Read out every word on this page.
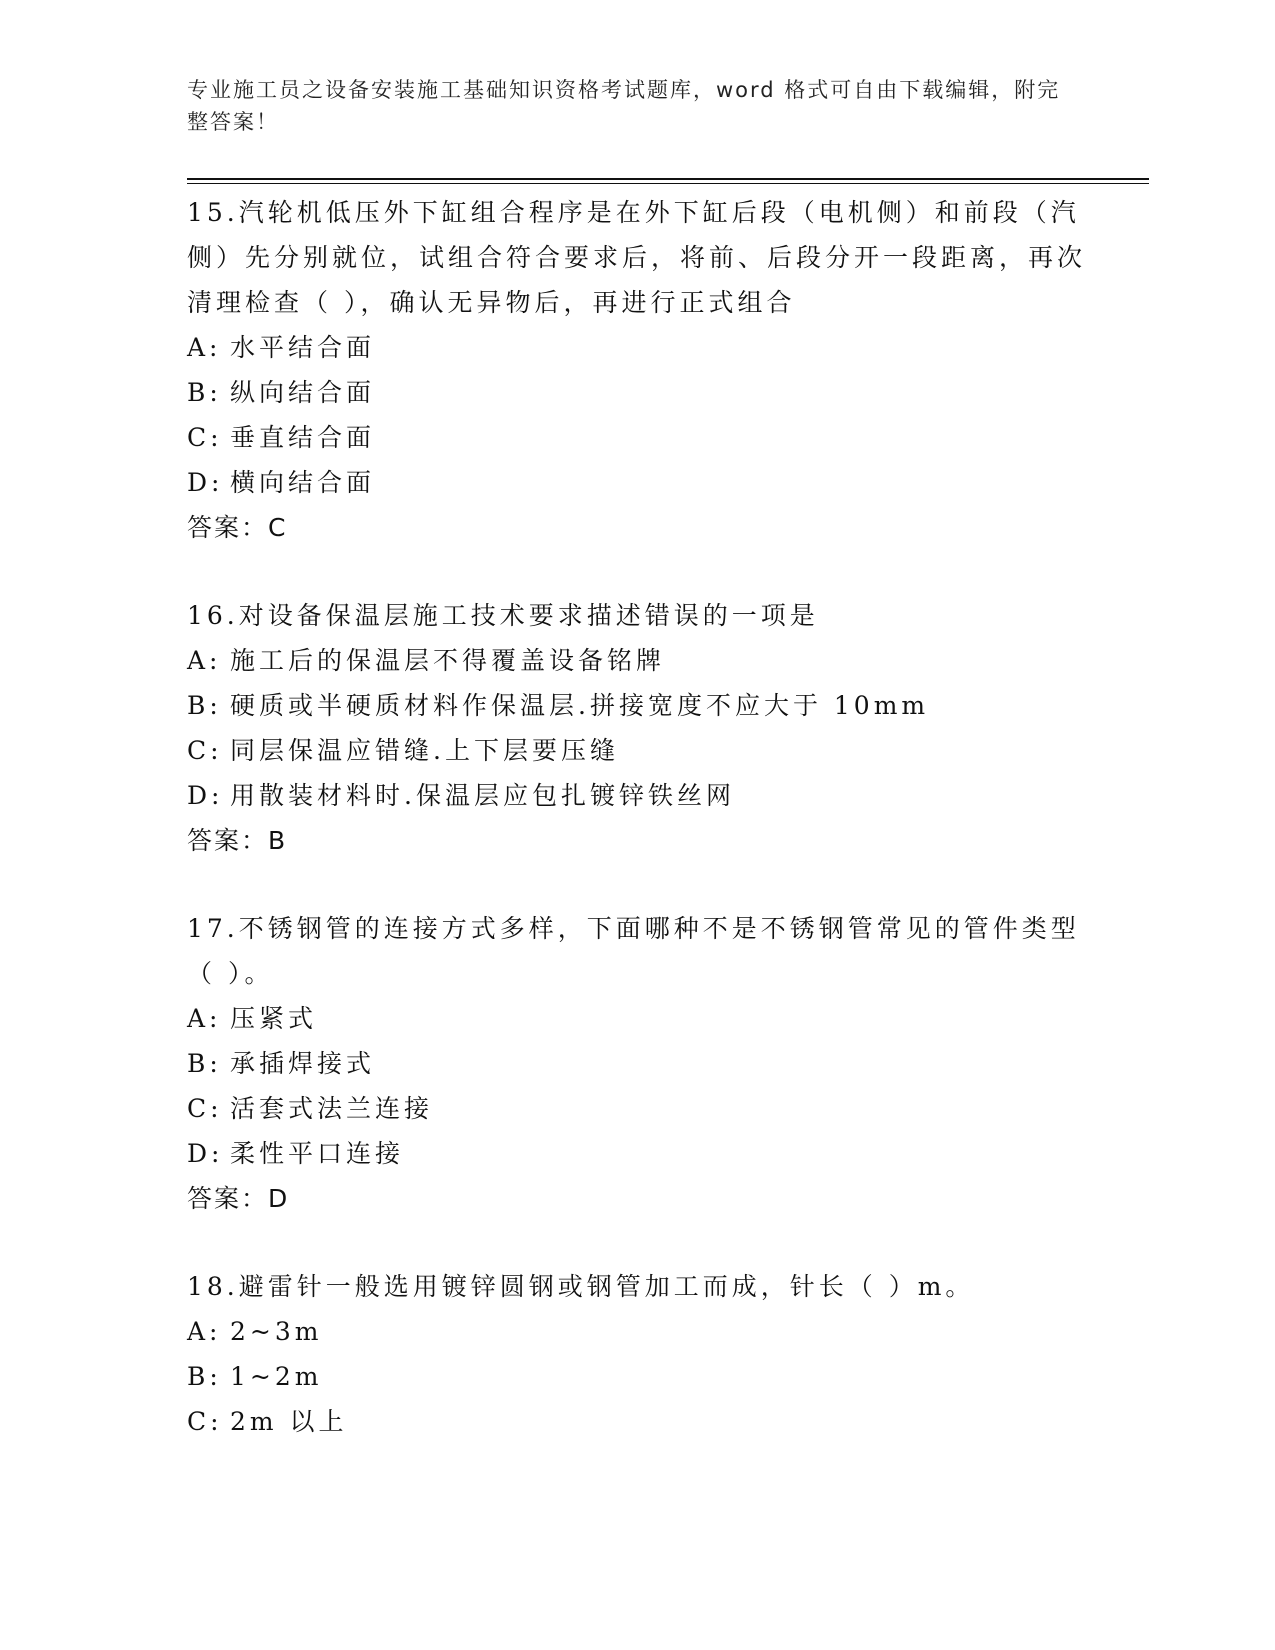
专业施工员之设备安装施工基础知识资格考试题库，word 格式可自由下载编辑，附完整答案！
15.汽轮机低压外下缸组合程序是在外下缸后段（电机侧）和前段（汽侧）先分别就位，试组合符合要求后，将前、后段分开一段距离，再次清理检查（ ），确认无异物后，再进行正式组合
A: 水平结合面
B: 纵向结合面
C: 垂直结合面
D: 横向结合面
答案：C
16.对设备保温层施工技术要求描述错误的一项是
A: 施工后的保温层不得覆盖设备铭牌
B: 硬质或半硬质材料作保温层.拼接宽度不应大于 10mm
C: 同层保温应错缝.上下层要压缝
D: 用散装材料时.保温层应包扎镀锌铁丝网
答案：B
17.不锈钢管的连接方式多样，下面哪种不是不锈钢管常见的管件类型（ ）。
A: 压紧式
B: 承插焊接式
C: 活套式法兰连接
D: 柔性平口连接
答案：D
18.避雷针一般选用镀锌圆钢或钢管加工而成，针长（ ）m。
A: 2~3m
B: 1~2m
C: 2m 以上
